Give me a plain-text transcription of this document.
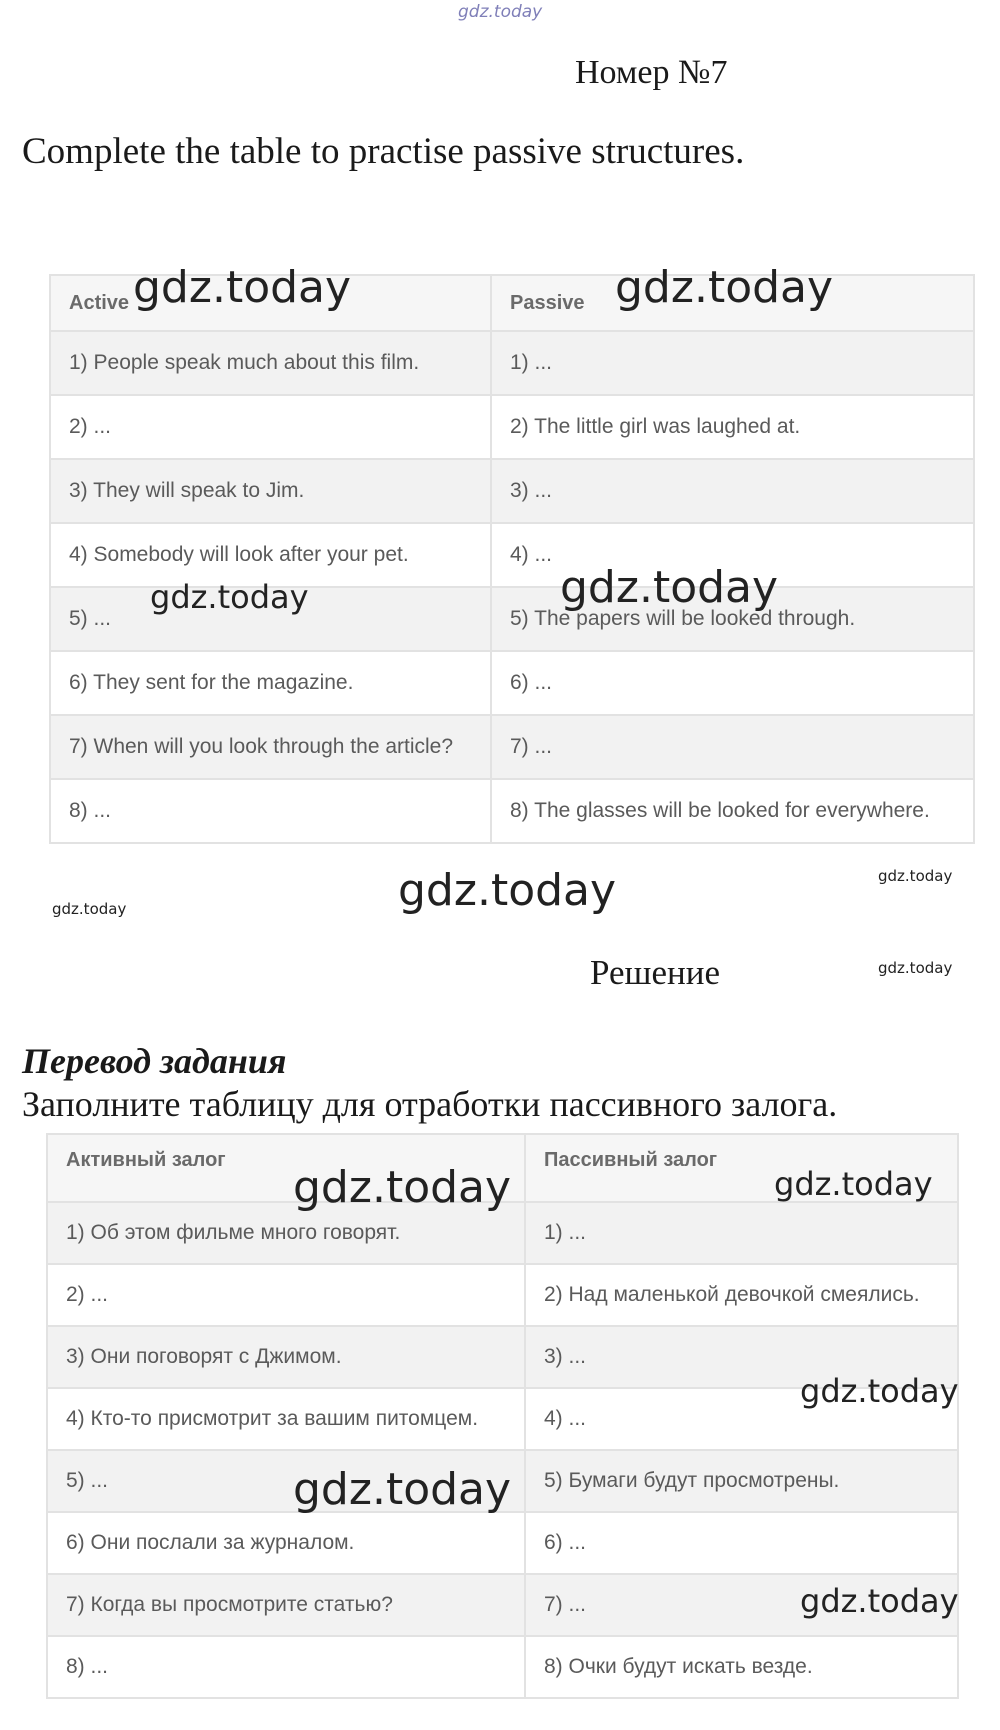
gdz.today
Номер №7
Complete the table to practise passive structures.
Active	Passive
1) People speak much about this film.	1) ...
2) ...	2) The little girl was laughed at.
3) They will speak to Jim.	3) ...
4) Somebody will look after your pet.	4) ...
5) ...	5) The papers will be looked through.
6) They sent for the magazine.	6) ...
7) When will you look through the article?	7) ...
8) ...	8) The glasses will be looked for everywhere.
Решение
Перевод задания
Заполните таблицу для отработки пассивного залога.
Активный залог	Пассивный залог
1) Об этом фильме много говорят.	1) ...
2) ...	2) Над маленькой девочкой смеялись.
3) Они поговорят с Джимом.	3) ...
4) Кто-то присмотрит за вашим питомцем.	4) ...
5) ...	5) Бумаги будут просмотрены.
6) Они послали за журналом.	6) ...
7) Когда вы просмотрите статью?	7) ...
8) ...	8) Очки будут искать везде.
gdz.today	gdz.today
gdz.today	gdz.today
gdz.today
gdz.today
gdz.today
gdz.today
gdz.today	gdz.today
gdz.today
gdz.today
gdz.today
